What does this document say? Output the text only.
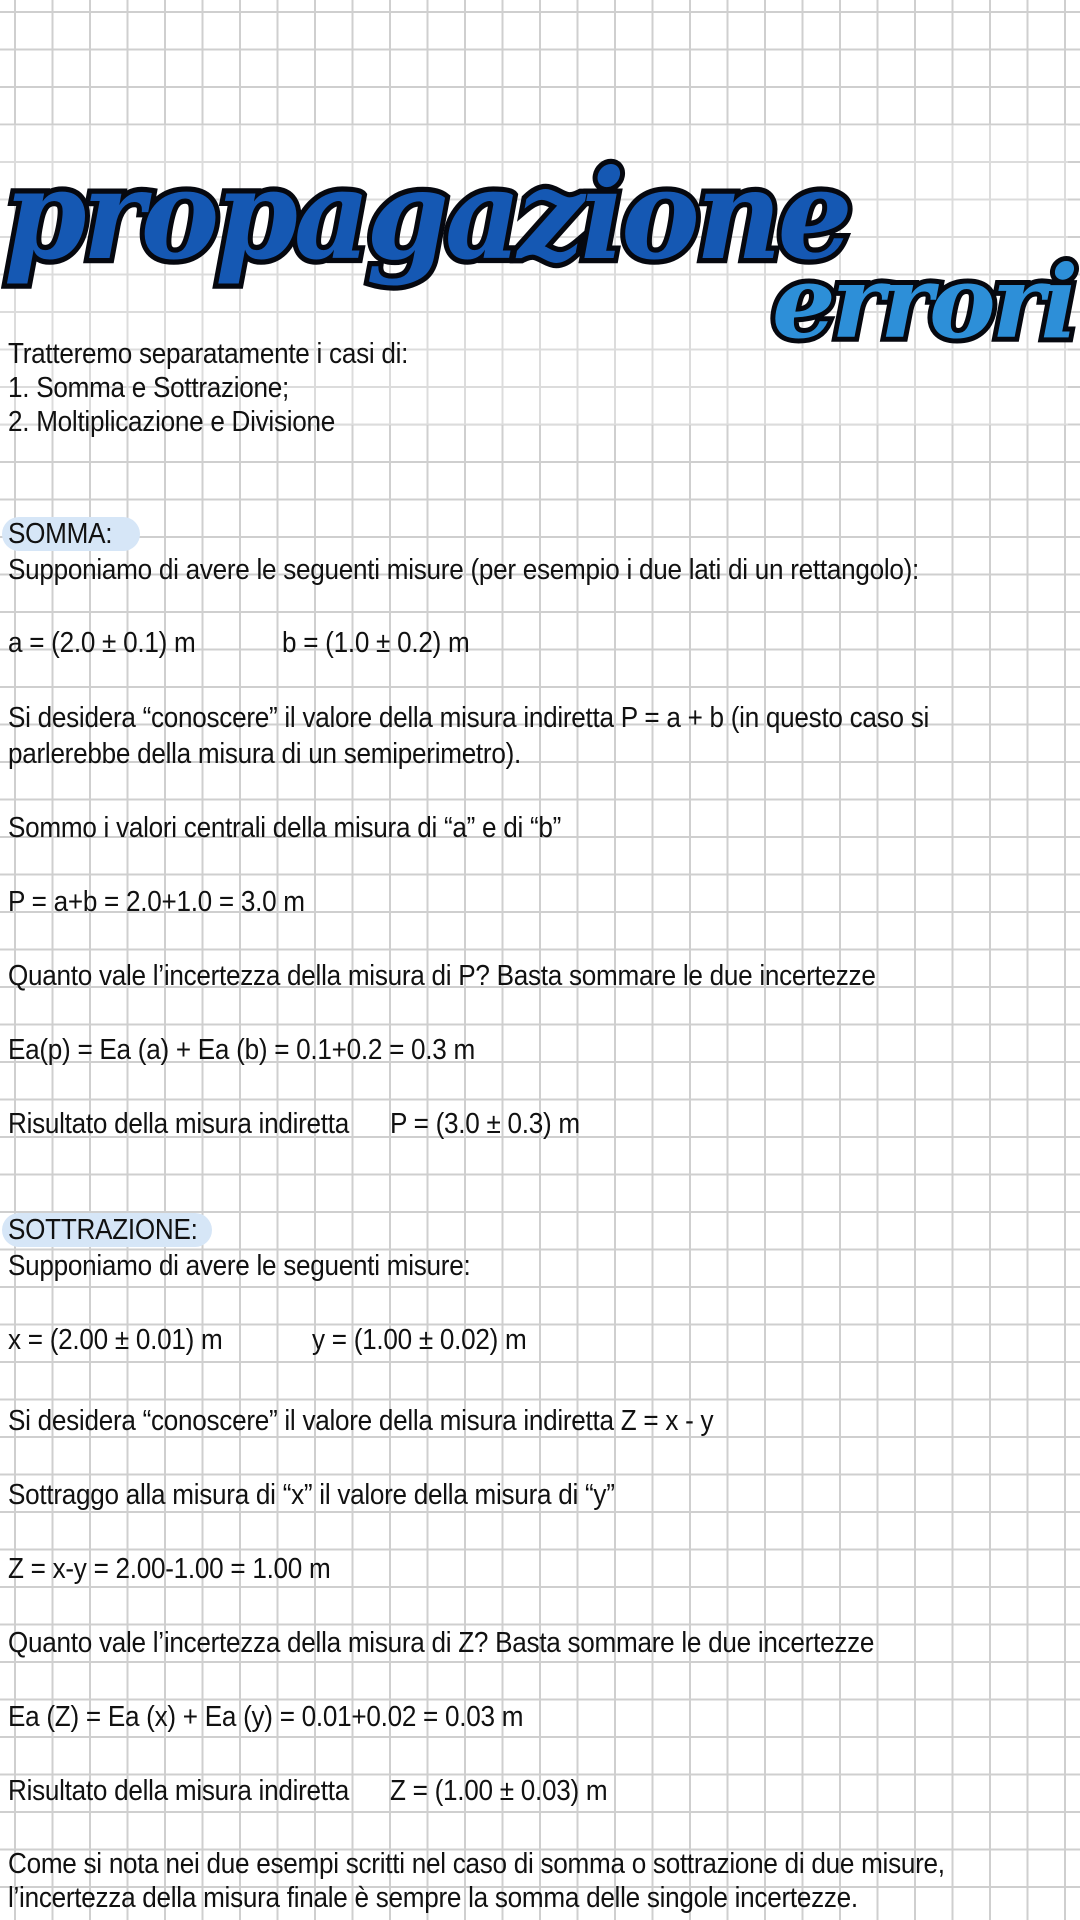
propagazione
errori
Tratteremo separatamente i casi di:
1. Somma e Sottrazione;
2. Moltiplicazione e Divisione
SOMMA:
Supponiamo di avere le seguenti misure (per esempio i due lati di un rettangolo):
a = (2.0 ± 0.1) m	b = (1.0 ± 0.2) m
Si desidera “conoscere” il valore della misura indiretta P = a + b (in questo caso si
parlerebbe della misura di un semiperimetro).
Sommo i valori centrali della misura di “a” e di “b”
P = a+b = 2.0+1.0 = 3.0 m
Quanto vale l’incertezza della misura di P? Basta sommare le due incertezze
Ea(p) = Ea (a) + Ea (b) = 0.1+0.2 = 0.3 m
Risultato della misura indiretta P = (3.0 ± 0.3) m
SOTTRAZIONE:
Supponiamo di avere le seguenti misure:
x = (2.00 ± 0.01) m	y = (1.00 ± 0.02) m
Si desidera “conoscere” il valore della misura indiretta Z = x - y
Sottraggo alla misura di “x” il valore della misura di “y”
Z = x-y = 2.00-1.00 = 1.00 m
Quanto vale l’incertezza della misura di Z? Basta sommare le due incertezze
Ea (Z) = Ea (x) + Ea (y) = 0.01+0.02 = 0.03 m
Risultato della misura indiretta Z = (1.00 ± 0.03) m
Come si nota nei due esempi scritti nel caso di somma o sottrazione di due misure,
l’incertezza della misura finale è sempre la somma delle singole incertezze.
